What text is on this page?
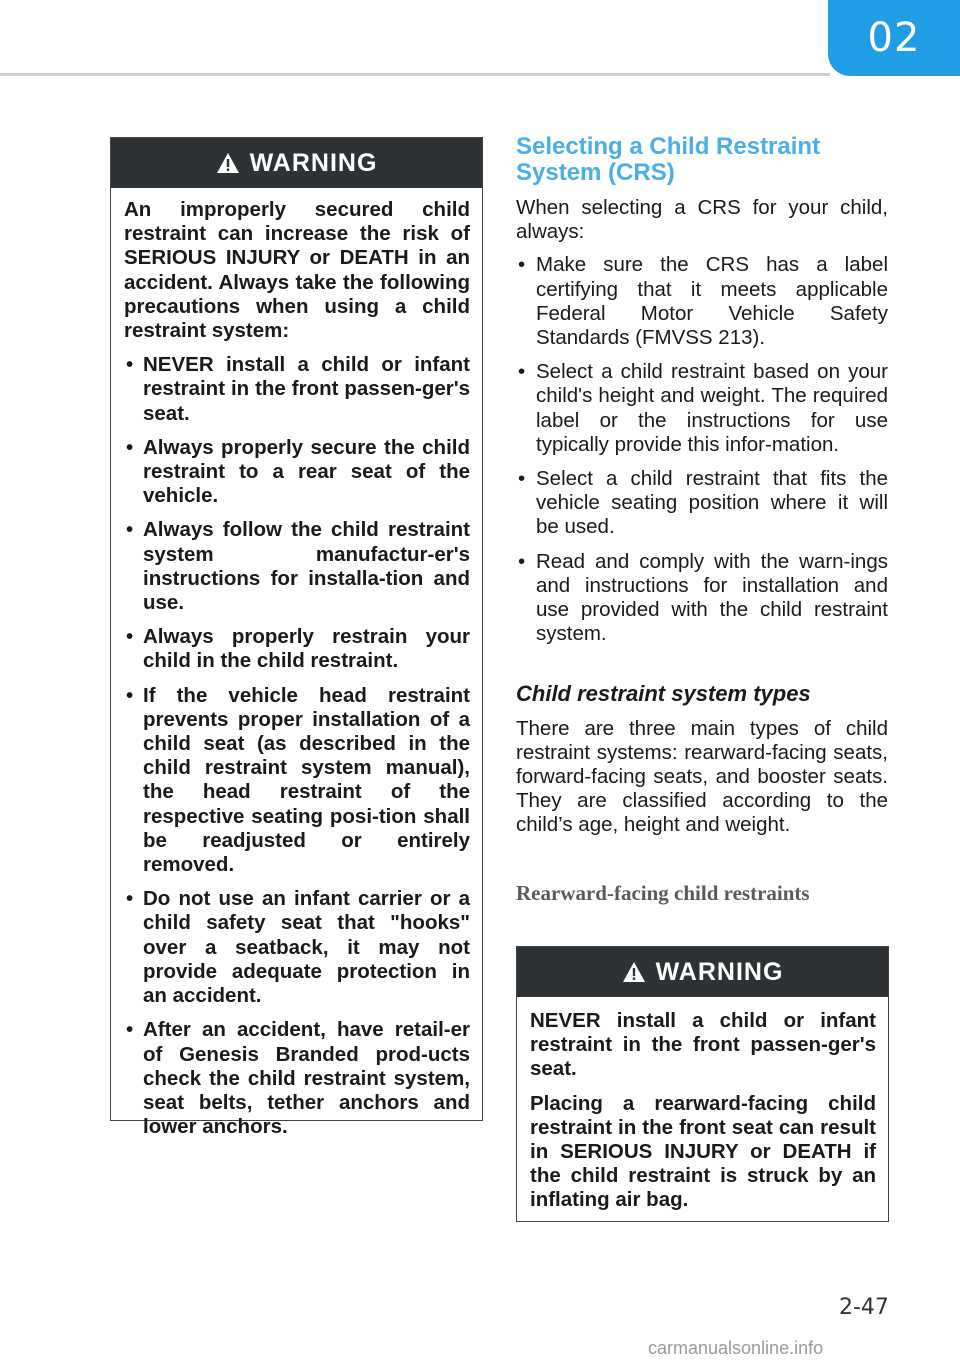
02
WARNING

An improperly secured child restraint can increase the risk of SERIOUS INJURY or DEATH in an accident. Always take the following precautions when using a child restraint system:

• NEVER install a child or infant restraint in the front passen-ger's seat.
• Always properly secure the child restraint to a rear seat of the vehicle.
• Always follow the child restraint system manufactur-er's instructions for installa-tion and use.
• Always properly restrain your child in the child restraint.
• If the vehicle head restraint prevents proper installation of a child seat (as described in the child restraint system manual), the head restraint of the respective seating posi-tion shall be readjusted or entirely removed.
• Do not use an infant carrier or a child safety seat that "hooks" over a seatback, it may not provide adequate protection in an accident.
• After an accident, have retail-er of Genesis Branded prod-ucts check the child restraint system, seat belts, tether anchors and lower anchors.
Selecting a Child Restraint System (CRS)

When selecting a CRS for your child, always:

• Make sure the CRS has a label certifying that it meets applicable Federal Motor Vehicle Safety Standards (FMVSS 213).
• Select a child restraint based on your child's height and weight. The required label or the instructions for use typically provide this infor-mation.
• Select a child restraint that fits the vehicle seating position where it will be used.
• Read and comply with the warn-ings and instructions for installation and use provided with the child restraint system.
Child restraint system types

There are three main types of child restraint systems: rearward-facing seats, forward-facing seats, and booster seats. They are classified according to the child’s age, height and weight.

Rearward-facing child restraints
WARNING

NEVER install a child or infant restraint in the front passen-ger's seat.

Placing a rearward-facing child restraint in the front seat can result in SERIOUS INJURY or DEATH if the child restraint is struck by an inflating air bag.

2-47
carmanualsonline.info
